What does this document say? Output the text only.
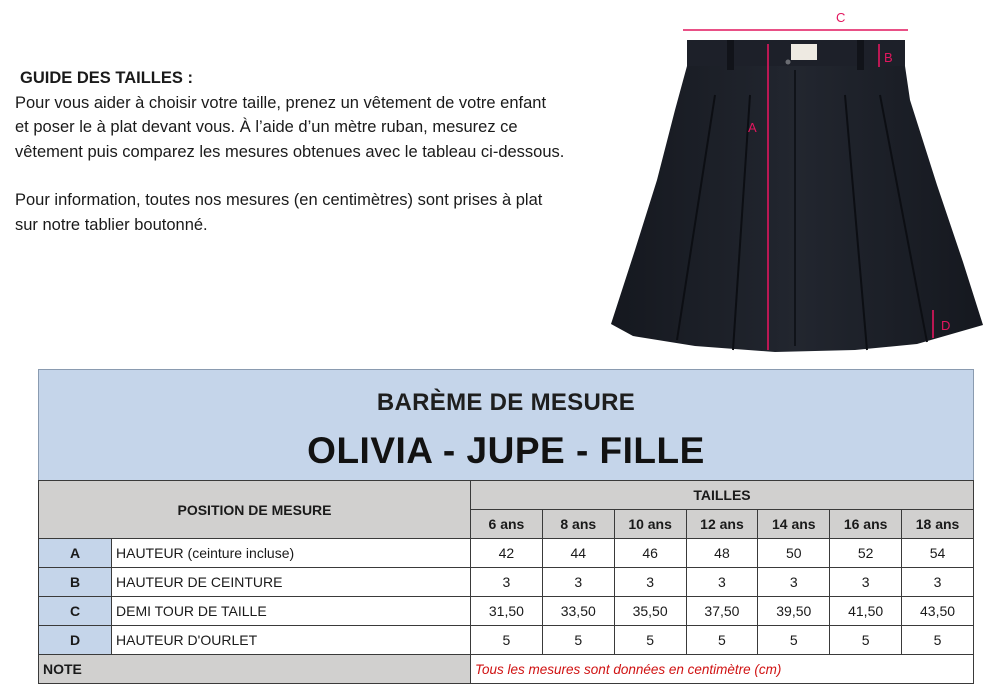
GUIDE DES TAILLES :

Pour vous aider à choisir votre taille, prenez un vêtement de votre enfant

et poser le à plat devant vous. À l’aide d’un mètre ruban, mesurez ce

vêtement puis comparez les mesures obtenues avec le tableau ci-dessous.

Pour information, toutes nos mesures (en centimètres) sont prises à plat

sur notre tablier boutonné.

C
A
B
D
BARÈME DE MESURE
OLIVIA - JUPE - FILLE
POSITION DE MESURE		TAILLES						
		6 ans	8 ans	10 ans	12 ans	14 ans	16 ans	18 ans
A	HAUTEUR (ceinture incluse)	42	44	46	48	50	52	54
B	HAUTEUR DE CEINTURE	3	3	3	3	3	3	3
C	DEMI TOUR DE TAILLE	31,50	33,50	35,50	37,50	39,50	41,50	43,50
D	HAUTEUR D'OURLET	5	5	5	5	5	5	5
NOTE		Tous les mesures sont données en centimètre (cm)						
